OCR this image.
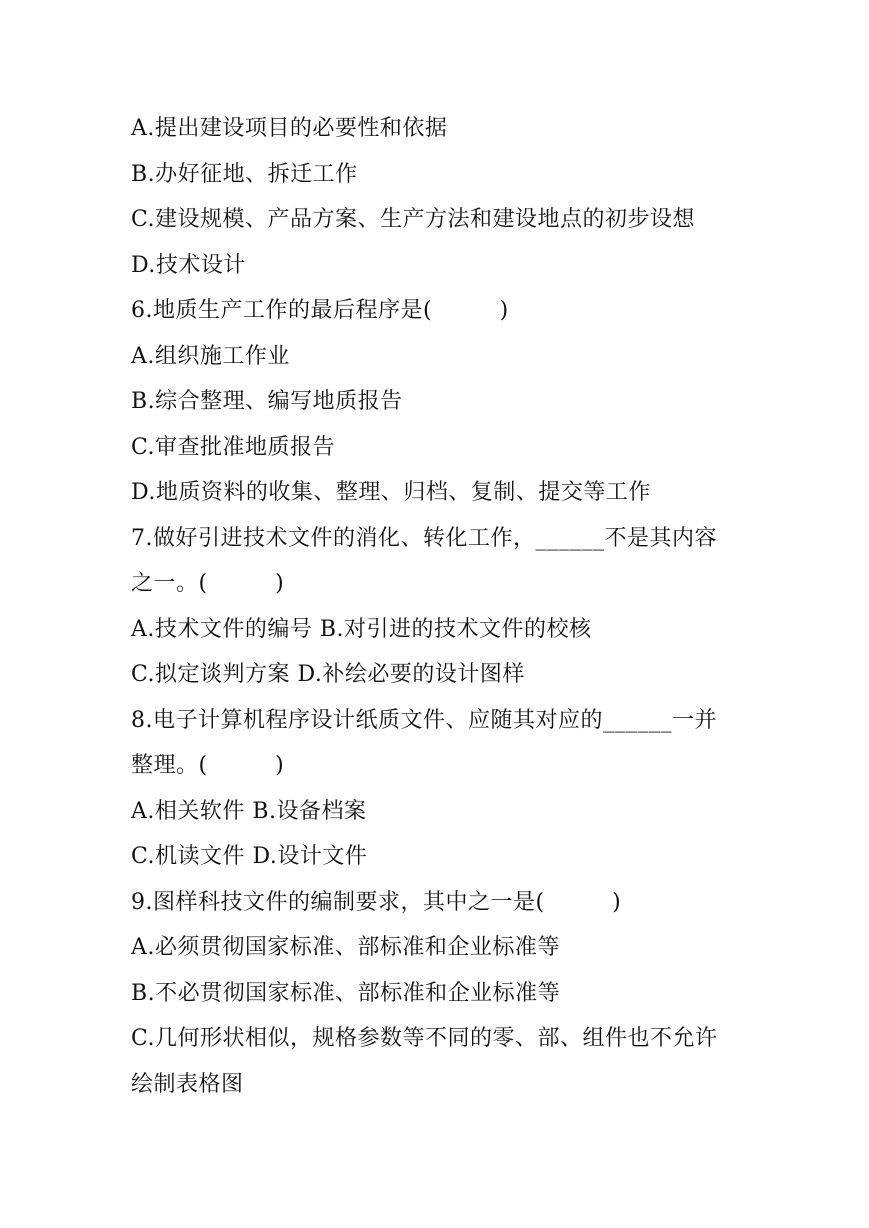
A.提出建设项目的必要性和依据
B.办好征地、拆迁工作
C.建设规模、产品方案、生产方法和建设地点的初步设想
D.技术设计
6.地质生产工作的最后程序是(　　　)
A.组织施工作业
B.综合整理、编写地质报告
C.审查批准地质报告
D.地质资料的收集、整理、归档、复制、提交等工作
7.做好引进技术文件的消化、转化工作，______不是其内容
之一。(　　　)
A.技术文件的编号 B.对引进的技术文件的校核
C.拟定谈判方案 D.补绘必要的设计图样
8.电子计算机程序设计纸质文件、应随其对应的______一并
整理。(　　　)
A.相关软件 B.设备档案
C.机读文件 D.设计文件
9.图样科技文件的编制要求，其中之一是(　　　)
A.必须贯彻国家标准、部标准和企业标准等
B.不必贯彻国家标准、部标准和企业标准等
C.几何形状相似，规格参数等不同的零、部、组件也不允许
绘制表格图
